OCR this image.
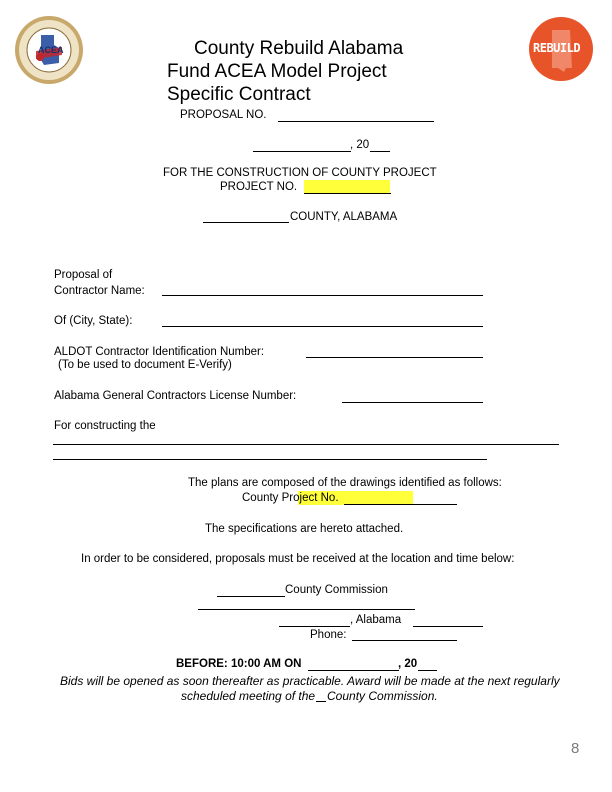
ACEA	County Rebuild Alabama
Fund ACEA Model Project
Specific Contract
REBUILD
PROPOSAL NO.
, 20
FOR THE CONSTRUCTION OF COUNTY PROJECT
PROJECT NO.
COUNTY, ALABAMA
Proposal of
Contractor Name:
Of (City, State):
ALDOT Contractor Identification Number:
(To be used to document E-Verify)
Alabama General Contractors License Number:
For constructing the
The plans are composed of the drawings identified as follows:
County Project No.
The specifications are hereto attached.
In order to be considered, proposals must be received at the location and time below:
County Commission
, Alabama
Phone:
BEFORE: 10:00 AM ON	, 20
Bids will be opened as soon thereafter as practicable. Award will be made at the next regularly
scheduled meeting of the County Commission.
8
